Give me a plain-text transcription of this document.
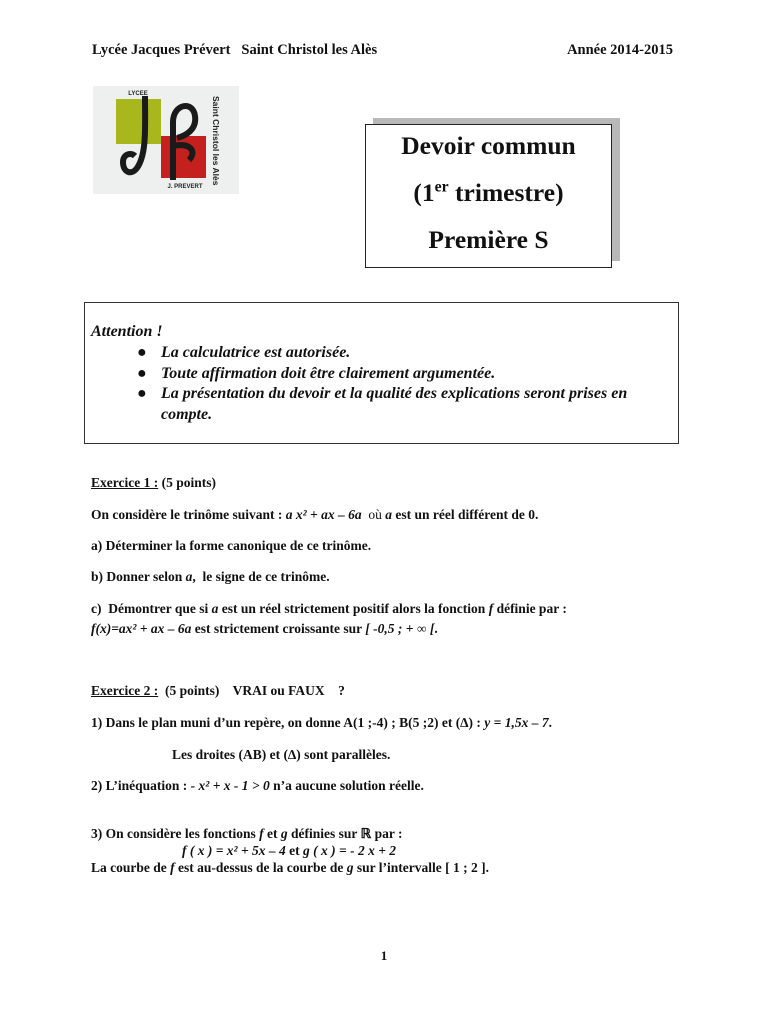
Lycée Jacques Prévert   Saint Christol les Alès	Année 2014-2015
LYCEE
J. PREVERT
Saint Christol les Alès	Devoir commun
(1er trimestre)
Première S
Attention !
● La calculatrice est autorisée.
● Toute affirmation doit être clairement argumentée.
● La présentation du devoir et la qualité des explications seront prises en compte.
Exercice 1 : (5 points)
On considère le trinôme suivant : a x² + ax – 6a  où a est un réel différent de 0.
a) Déterminer la forme canonique de ce trinôme.
b) Donner selon a,  le signe de ce trinôme.
c)  Démontrer que si a est un réel strictement positif alors la fonction f définie par :
f(x)=ax² + ax – 6a est strictement croissante sur [ -0,5 ; + ∞ [.
Exercice 2 :  (5 points)    VRAI ou FAUX    ?
1) Dans le plan muni d’un repère, on donne A(1 ;-4) ; B(5 ;2) et (∆) : y = 1,5x – 7.
Les droites (AB) et (∆) sont parallèles.
2) L’inéquation : - x² + x - 1 > 0 n’a aucune solution réelle.
3) On considère les fonctions f et g définies sur ℝ par :
f ( x ) = x² + 5x – 4 et g ( x ) = - 2 x + 2
La courbe de f est au-dessus de la courbe de g sur l’intervalle [ 1 ; 2 ].
1
